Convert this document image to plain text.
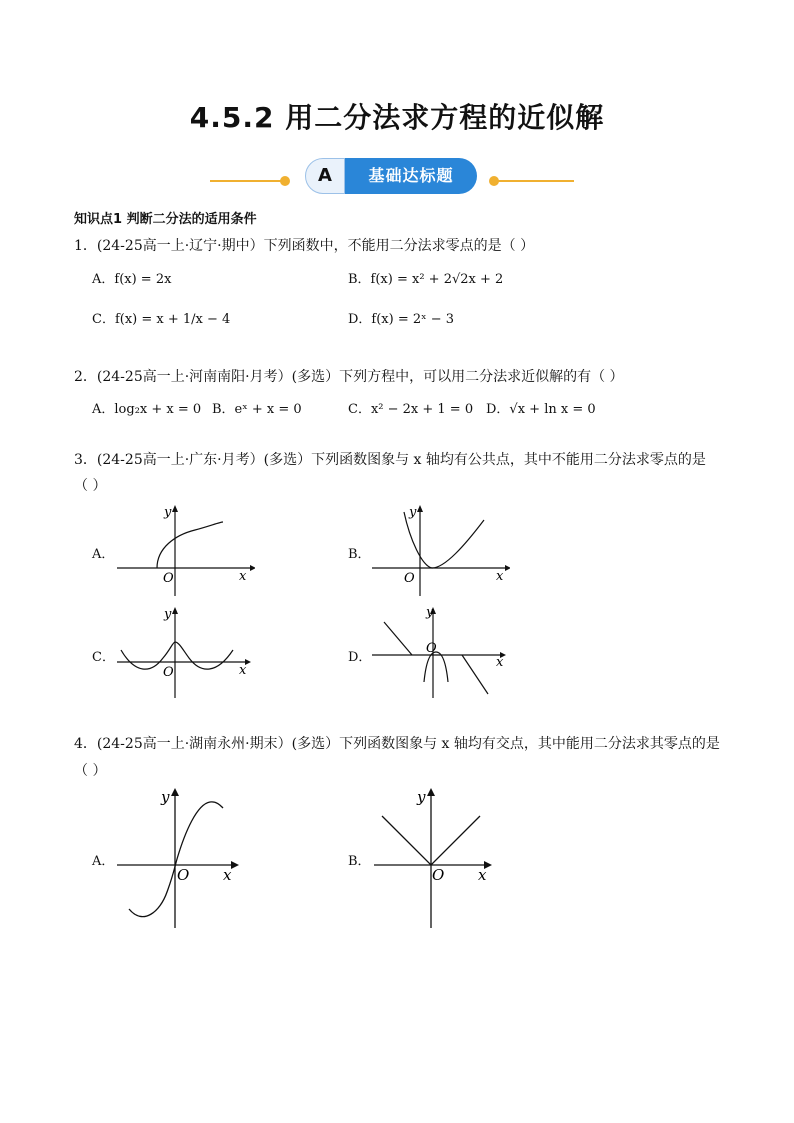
4.5.2 用二分法求方程的近似解
A	基础达标题
知识点1 判断二分法的适用条件
1．(24-25高一上·辽宁·期中）下列函数中，不能用二分法求零点的是（ ）
A．f(x) = 2x	B．f(x) = x² + 2√2x + 2
C．f(x) = x + 1/x − 4	D．f(x) = 2ˣ − 3
2．(24-25高一上·河南南阳·月考）(多选）下列方程中，可以用二分法求近似解的有（ ）
A．log₂x + x = 0 B．eˣ + x = 0	C．x² − 2x + 1 = 0 D．√x + ln x = 0
3．(24-25高一上·广东·月考）(多选）下列函数图象与 x 轴均有公共点，其中不能用二分法求零点的是
（ ）
A．
O	x
y
B．
O	x
y
C．
O	x
y
D．
O
x
y
4．(24-25高一上·湖南永州·期末）(多选）下列函数图象与 x 轴均有交点，其中能用二分法求其零点的是
（ ）
A．
O x
y
B．
O x
y
